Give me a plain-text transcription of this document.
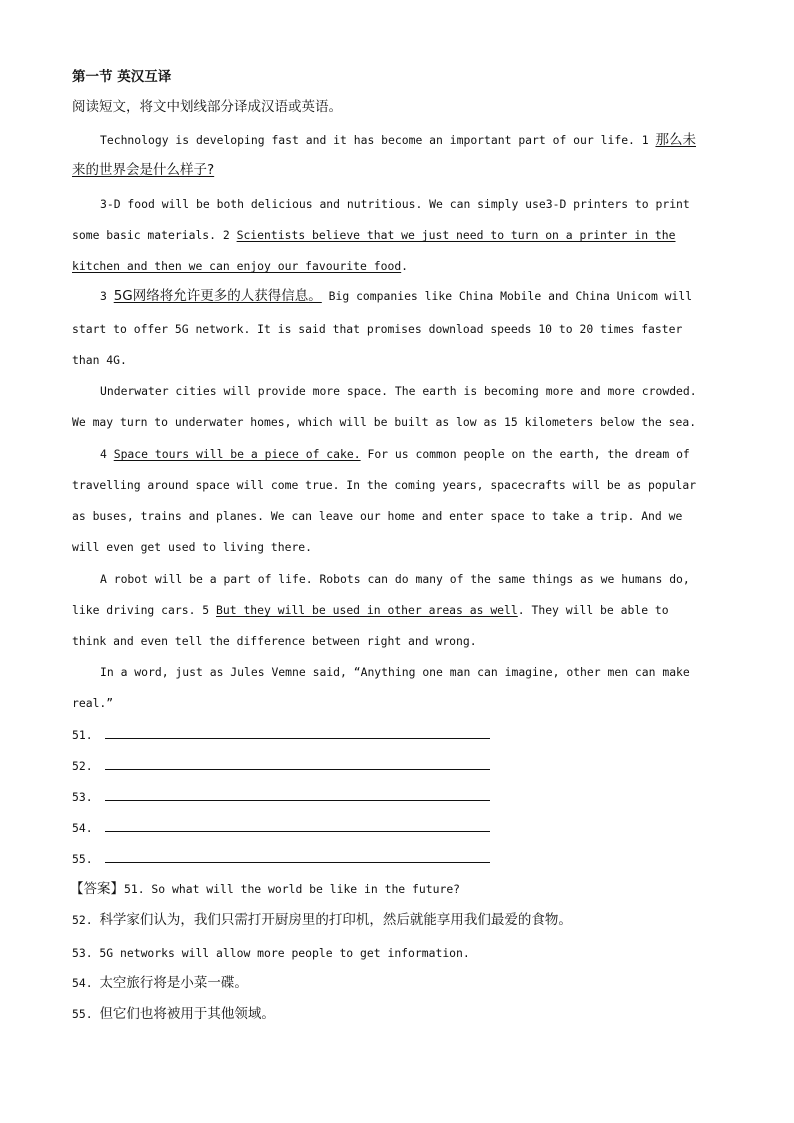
第一节 英汉互译
阅读短文，将文中划线部分译成汉语或英语。
Technology is developing fast and it has become an important part of our life. 1 那么未
来的世界会是什么样子?
3-D food will be both delicious and nutritious. We can simply use3-D printers to print
some basic materials. 2 Scientists believe that we just need to turn on a printer in the
kitchen and then we can enjoy our favourite food.
3 5G网络将允许更多的人获得信息。 Big companies like China Mobile and China Unicom will
start to offer 5G network. It is said that promises download speeds 10 to 20 times faster
than 4G.
Underwater cities will provide more space. The earth is becoming more and more crowded.
We may turn to underwater homes, which will be built as low as 15 kilometers below the sea.
4 Space tours will be a piece of cake. For us common people on the earth, the dream of
travelling around space will come true. In the coming years, spacecrafts will be as popular
as buses, trains and planes. We can leave our home and enter space to take a trip. And we
will even get used to living there.
A robot will be a part of life. Robots can do many of the same things as we humans do,
like driving cars. 5 But they will be used in other areas as well. They will be able to
think and even tell the difference between right and wrong.
In a word, just as Jules Vemne said, “Anything one man can imagine, other men can make
real.”
51.
52.
53.
54.
55.
【答案】51. So what will the world be like in the future?
52. 科学家们认为，我们只需打开厨房里的打印机，然后就能享用我们最爱的食物。
53. 5G networks will allow more people to get information.
54. 太空旅行将是小菜一碟。
55. 但它们也将被用于其他领域。
